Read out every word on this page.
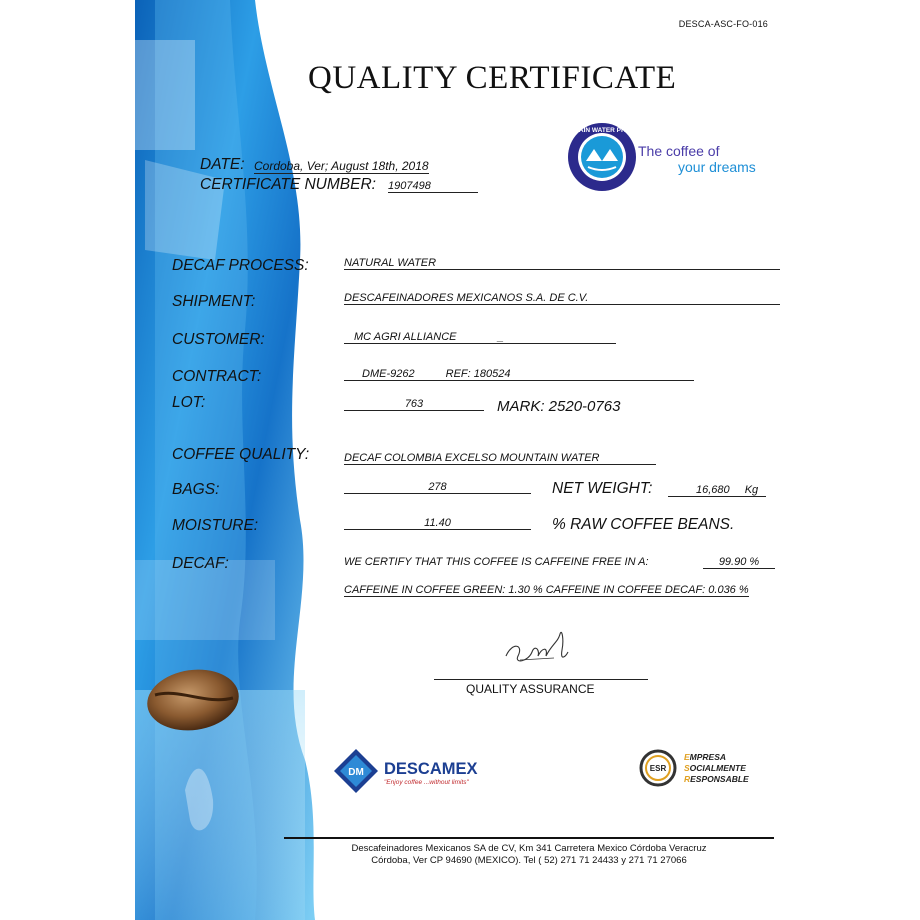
DESCA-ASC-FO-016
QUALITY CERTIFICATE
DATE: Cordoba, Ver; August 18th, 2018
CERTIFICATE NUMBER: 1907498
MOUNTAIN WATER PROCESS
The coffee of
your dreams
DECAF PROCESS:	NATURAL WATER
SHIPMENT:	DESCAFEINADORES MEXICANOS S.A. DE C.V.
CUSTOMER:	MC AGRI ALLIANCE	_
CONTRACT:	DME-9262	REF: 180524
LOT:	763	MARK: 2520-0763
COFFEE QUALITY:	DECAF COLOMBIA EXCELSO MOUNTAIN WATER
BAGS:	278	NET WEIGHT:	16,680 Kg
MOISTURE:	11.40	% RAW COFFEE BEANS.
DECAF:	WE CERTIFY THAT THIS COFFEE IS CAFFEINE FREE IN A:	99.90 %
CAFFEINE IN COFFEE GREEN: 1.30 % CAFFEINE IN COFFEE DECAF: 0.036 %
QUALITY ASSURANCE
DM DESCAMEX
"Enjoy coffee ...without limits"
ESR
EMPRESA
SOCIALMENTE
RESPONSABLE
Descafeinadores Mexicanos SA de CV, Km 341 Carretera Mexico Córdoba Veracruz
Córdoba, Ver CP 94690 (MEXICO). Tel ( 52) 271 71 24433 y 271 71 27066
